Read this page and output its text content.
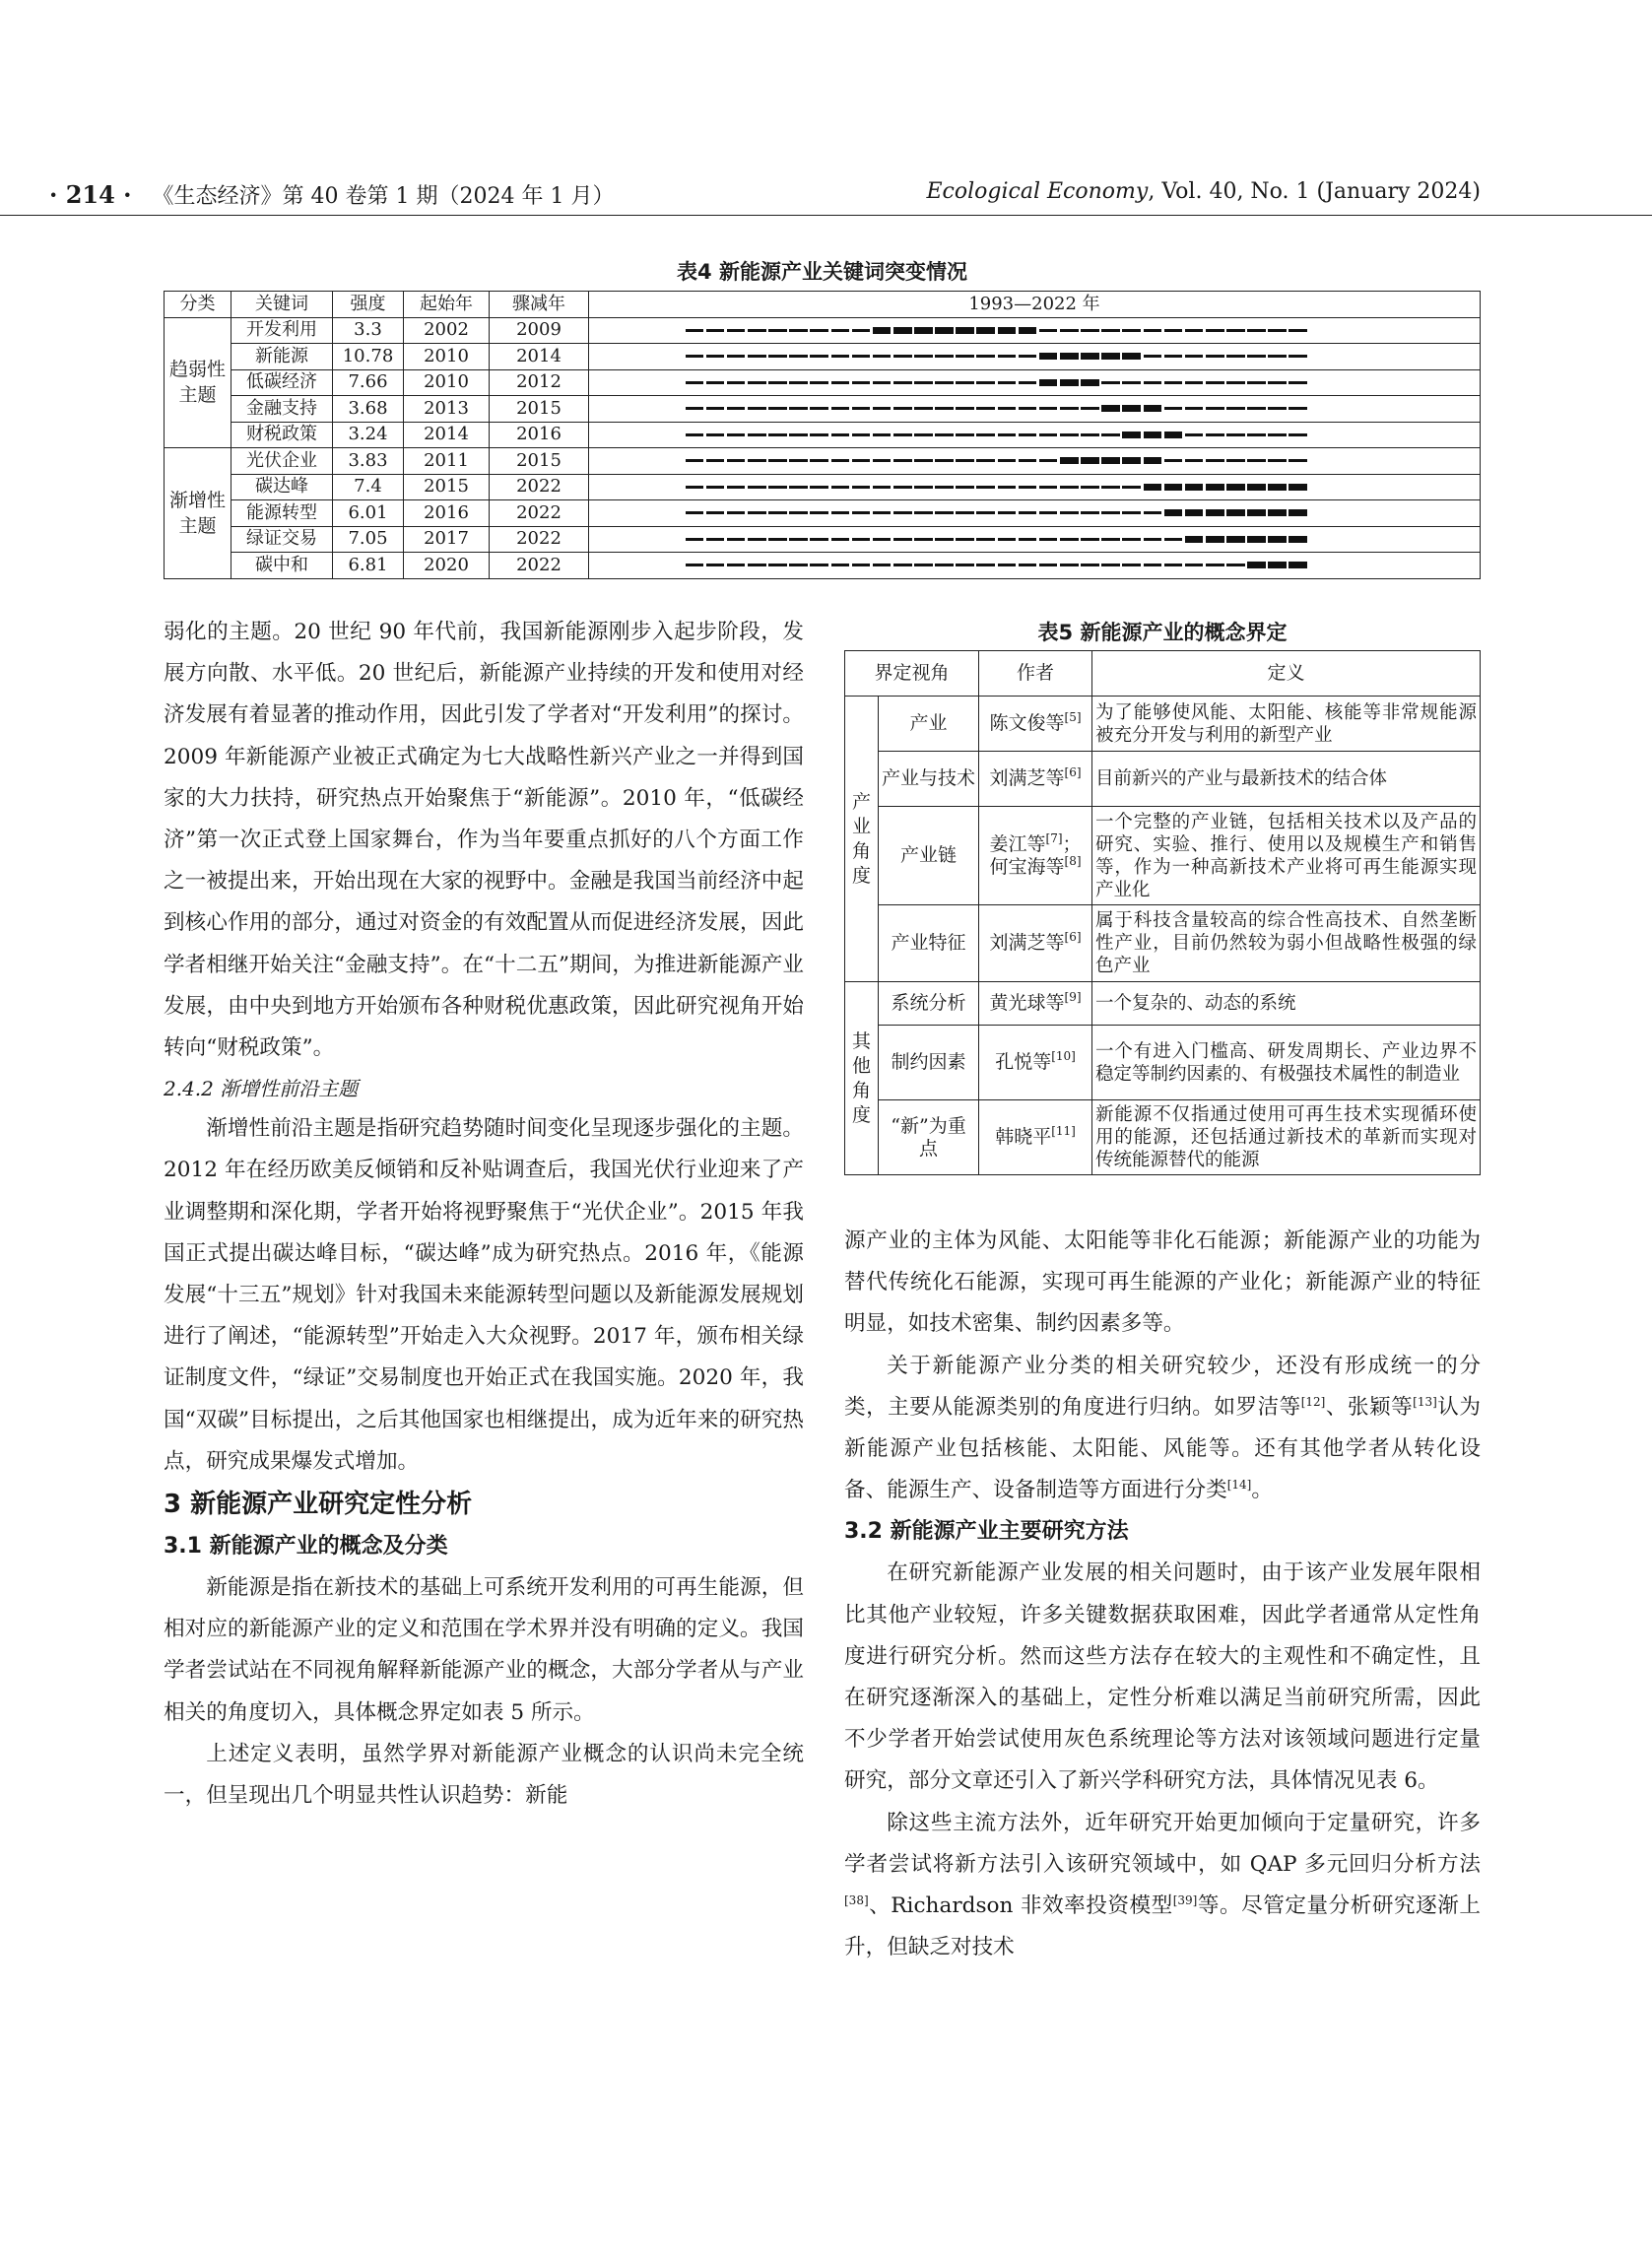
· 214 · 《生态经济》第 40 卷第 1 期（2024 年 1 月）	Ecological Economy, Vol. 40, No. 1 (January 2024)
表4 新能源产业关键词突变情况
分类	关键词	强度	起始年	骤减年	1993—2022 年
趋弱性主题	开发利用	3.3	2002	2009	

	新能源	10.78	2010	2014	

	低碳经济	7.66	2010	2012	

	金融支持	3.68	2013	2015	

	财税政策	3.24	2014	2016	

渐增性主题	光伏企业	3.83	2011	2015	

	碳达峰	7.4	2015	2022	

	能源转型	6.01	2016	2022	

	绿证交易	7.05	2017	2022	

	碳中和	6.81	2020	2022	

弱化的主题。20 世纪 90 年代前，我国新能源刚步入起步阶段，发展方向散、水平低。20 世纪后，新能源产业持续的开发和使用对经济发展有着显著的推动作用，因此引发了学者对“开发利用”的探讨。2009 年新能源产业被正式确定为七大战略性新兴产业之一并得到国家的大力扶持，研究热点开始聚焦于“新能源”。2010 年，“低碳经济”第一次正式登上国家舞台，作为当年要重点抓好的八个方面工作之一被提出来，开始出现在大家的视野中。金融是我国当前经济中起到核心作用的部分，通过对资金的有效配置从而促进经济发展，因此学者相继开始关注“金融支持”。在“十二五”期间，为推进新能源产业发展，由中央到地方开始颁布各种财税优惠政策，因此研究视角开始转向“财税政策”。

2.4.2 渐增性前沿主题

渐增性前沿主题是指研究趋势随时间变化呈现逐步强化的主题。2012 年在经历欧美反倾销和反补贴调查后，我国光伏行业迎来了产业调整期和深化期，学者开始将视野聚焦于“光伏企业”。2015 年我国正式提出碳达峰目标，“碳达峰”成为研究热点。2016 年，《能源发展“十三五”规划》针对我国未来能源转型问题以及新能源发展规划进行了阐述，“能源转型”开始走入大众视野。2017 年，颁布相关绿证制度文件，“绿证”交易制度也开始正式在我国实施。2020 年，我国“双碳”目标提出，之后其他国家也相继提出，成为近年来的研究热点，研究成果爆发式增加。

3 新能源产业研究定性分析

3.1 新能源产业的概念及分类

新能源是指在新技术的基础上可系统开发利用的可再生能源，但相对应的新能源产业的定义和范围在学术界并没有明确的定义。我国学者尝试站在不同视角解释新能源产业的概念，大部分学者从与产业相关的角度切入，具体概念界定如表 5 所示。

上述定义表明，虽然学界对新能源产业概念的认识尚未完全统一，但呈现出几个明显共性认识趋势：新能

表5 新能源产业的概念界定
界定视角		作者	定义
产业角度	产业	陈文俊等[5]	为了能够使风能、太阳能、核能等非常规能源被充分开发与利用的新型产业
	产业与技术	刘满芝等[6]	目前新兴的产业与最新技术的结合体
	产业链	姜江等[7]；
何宝海等[8]	一个完整的产业链，包括相关技术以及产品的研究、实验、推行、使用以及规模生产和销售等，作为一种高新技术产业将可再生能源实现产业化
	产业特征	刘满芝等[6]	属于科技含量较高的综合性高技术、自然垄断性产业，目前仍然较为弱小但战略性极强的绿色产业
其他角度	系统分析	黄光球等[9]	一个复杂的、动态的系统
	制约因素	孔悦等[10]	一个有进入门槛高、研发周期长、产业边界不稳定等制约因素的、有极强技术属性的制造业
	“新”为重点	韩晓平[11]	新能源不仅指通过使用可再生技术实现循环使用的能源，还包括通过新技术的革新而实现对传统能源替代的能源

源产业的主体为风能、太阳能等非化石能源；新能源产业的功能为替代传统化石能源，实现可再生能源的产业化；新能源产业的特征明显，如技术密集、制约因素多等。

关于新能源产业分类的相关研究较少，还没有形成统一的分类，主要从能源类别的角度进行归纳。如罗洁等[12]、张颖等[13]认为新能源产业包括核能、太阳能、风能等。还有其他学者从转化设备、能源生产、设备制造等方面进行分类[14]。

3.2 新能源产业主要研究方法

在研究新能源产业发展的相关问题时，由于该产业发展年限相比其他产业较短，许多关键数据获取困难，因此学者通常从定性角度进行研究分析。然而这些方法存在较大的主观性和不确定性，且在研究逐渐深入的基础上，定性分析难以满足当前研究所需，因此不少学者开始尝试使用灰色系统理论等方法对该领域问题进行定量研究，部分文章还引入了新兴学科研究方法，具体情况见表 6。

除这些主流方法外，近年研究开始更加倾向于定量研究，许多学者尝试将新方法引入该研究领域中，如 QAP 多元回归分析方法[38]、Richardson 非效率投资模型[39]等。尽管定量分析研究逐渐上升，但缺乏对技术
